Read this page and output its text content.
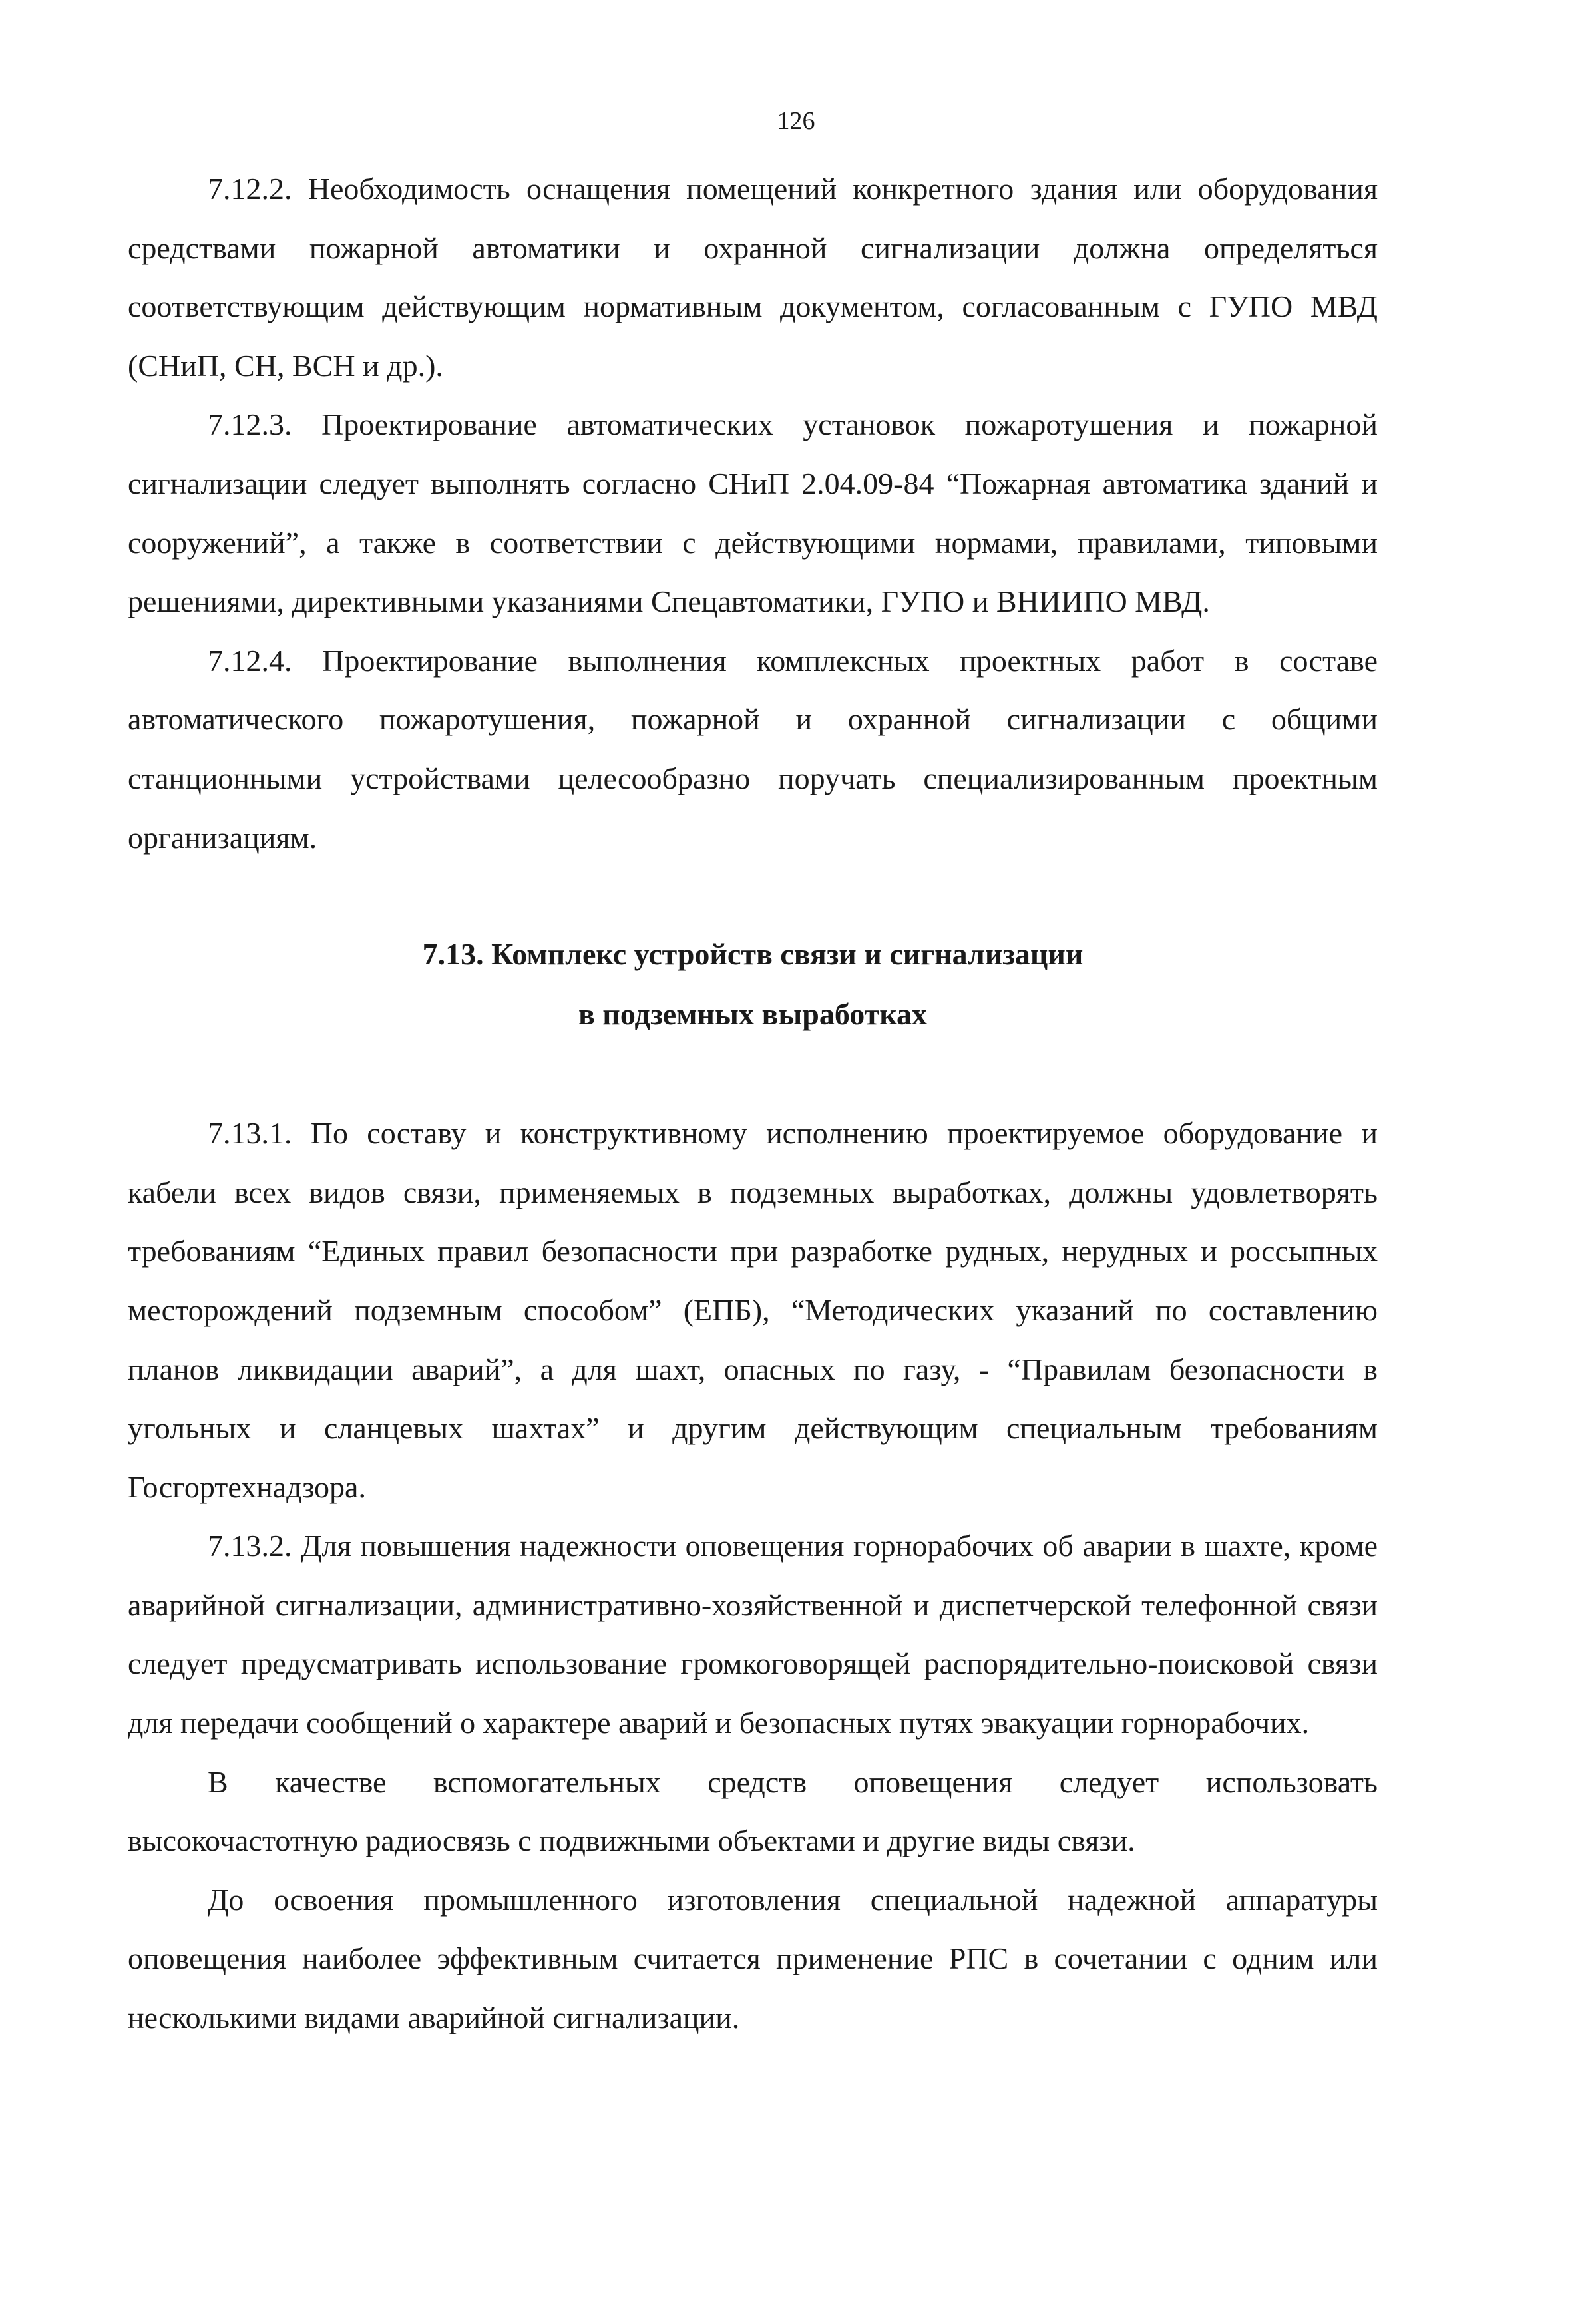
126

7.12.2. Необходимость оснащения помещений конкретного здания или оборудования средствами пожарной автоматики и охранной сигнализации должна определяться соответствующим действующим нормативным документом, согласованным с ГУПО МВД (СНиП, СН, ВСН и др.).

7.12.3. Проектирование автоматических установок пожаротушения и пожарной сигнализации следует выполнять согласно СНиП 2.04.09-84 “Пожарная автоматика зданий и сооружений”, а также в соответствии с действующими нормами, правилами, типовыми решениями, директивными указаниями Спецавтоматики, ГУПО и ВНИИПО МВД.

7.12.4. Проектирование выполнения комплексных проектных работ в составе автоматического пожаротушения, пожарной и охранной сигнализации с общими станционными устройствами целесообразно поручать специализированным проектным организациям.

7.13. Комплекс устройств связи и сигнализации
в подземных выработках

7.13.1. По составу и конструктивному исполнению проектируемое оборудование и кабели всех видов связи, применяемых в подземных выработках, должны удовлетворять требованиям “Единых правил безопасности при разработке рудных, нерудных и россыпных месторождений подземным способом” (ЕПБ), “Методических указаний по составлению планов ликвидации аварий”, а для шахт, опасных по газу, - “Правилам безопасности в угольных и сланцевых шахтах” и другим действующим специальным требованиям Госгортехнадзора.

7.13.2. Для повышения надежности оповещения горнорабочих об аварии в шахте, кроме аварийной сигнализации, административно-хозяйственной и диспетчерской телефонной связи следует предусматривать использование громкоговорящей распорядительно-поисковой связи для передачи сообщений о характере аварий и безопасных путях эвакуации горнорабочих.

В качестве вспомогательных средств оповещения следует использовать высокочастотную радиосвязь с подвижными объектами и другие виды связи.

До освоения промышленного изготовления специальной надежной аппаратуры оповещения наиболее эффективным считается применение РПС в сочетании с одним или несколькими видами аварийной сигнализации.
